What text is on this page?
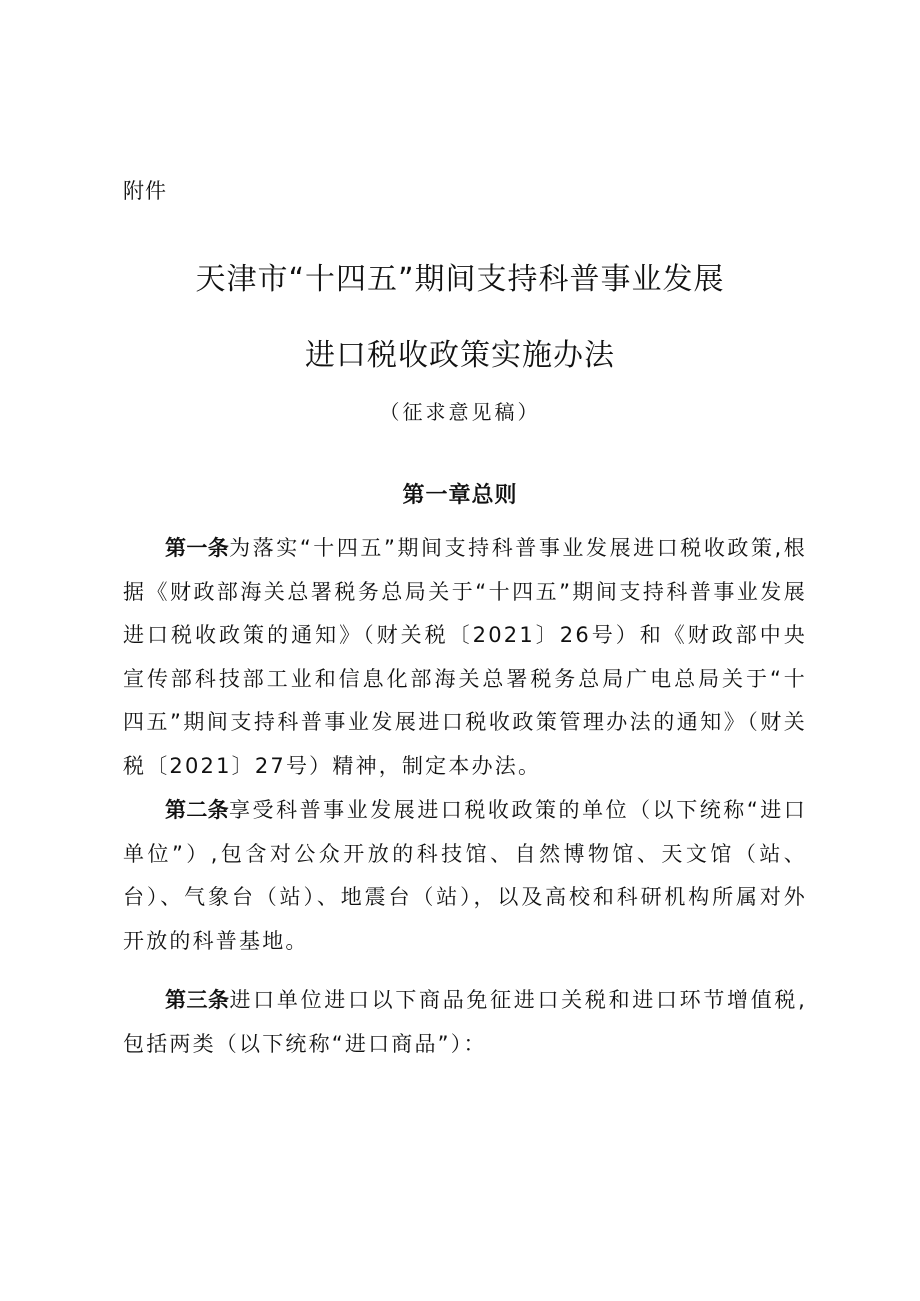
附件
天津市“十四五”期间支持科普事业发展
进口税收政策实施办法
（征求意见稿）
第一章总则

第一条为落实“十四五”期间支持科普事业发展进口税收政策,根据《财政部海关总署税务总局关于“十四五”期间支持科普事业发展进口税收政策的通知》（财关税〔2021〕26号）和《财政部中央宣传部科技部工业和信息化部海关总署税务总局广电总局关于“十四五”期间支持科普事业发展进口税收政策管理办法的通知》（财关税〔2021〕27号）精神，制定本办法。

第二条享受科普事业发展进口税收政策的单位（以下统称“进口单位”）,包含对公众开放的科技馆、自然博物馆、天文馆（站、台）、气象台（站）、地震台（站），以及高校和科研机构所属对外开放的科普基地。

第三条进口单位进口以下商品免征进口关税和进口环节增值税,包括两类（以下统称“进口商品”）：
